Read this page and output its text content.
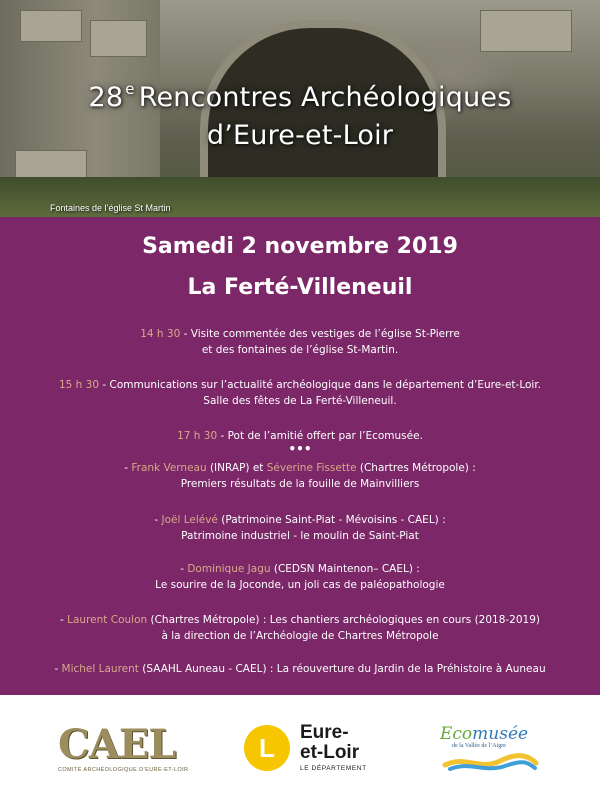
28 $^e$ Rencontres Archéologiques
d’Eure-et-Loir
Fontaines de l’église St Martin
Samedi 2 novembre 2019
La Ferté-Villeneuil
14 h 30 - Visite commentée des vestiges de l’église St-Pierre
et des fontaines de l’église St-Martin.
15 h 30 - Communications sur l’actualité archéologique dans le département d’Eure-et-Loir.
Salle des fêtes de La Ferté-Villeneuil.
17 h 30 - Pot de l’amitié offert par l’Ecomusée.
•••
- Frank Verneau (INRAP) et Séverine Fissette (Chartres Métropole) :
Premiers résultats de la fouille de Mainvilliers
- Joël Lelévé (Patrimoine Saint-Piat - Mévoisins - CAEL) :
Patrimoine industriel - le moulin de Saint-Piat
- Dominique Jagu (CEDSN Maintenon– CAEL) :
Le sourire de la Joconde, un joli cas de paléopathologie
- Laurent Coulon (Chartres Métropole) : Les chantiers archéologiques en cours (2018-2019)
à la direction de l’Archéologie de Chartres Métropole
- Michel Laurent (SAAHL Auneau - CAEL) : La réouverture du Jardin de la Préhistoire à Auneau
CAEL
COMITÉ ARCHÉOLOGIQUE D’EURE-ET-LOIR
L
Eure-
et-Loir
LE DÉPARTEMENT
Ecomusée
de la Vallée de l’Aigre
